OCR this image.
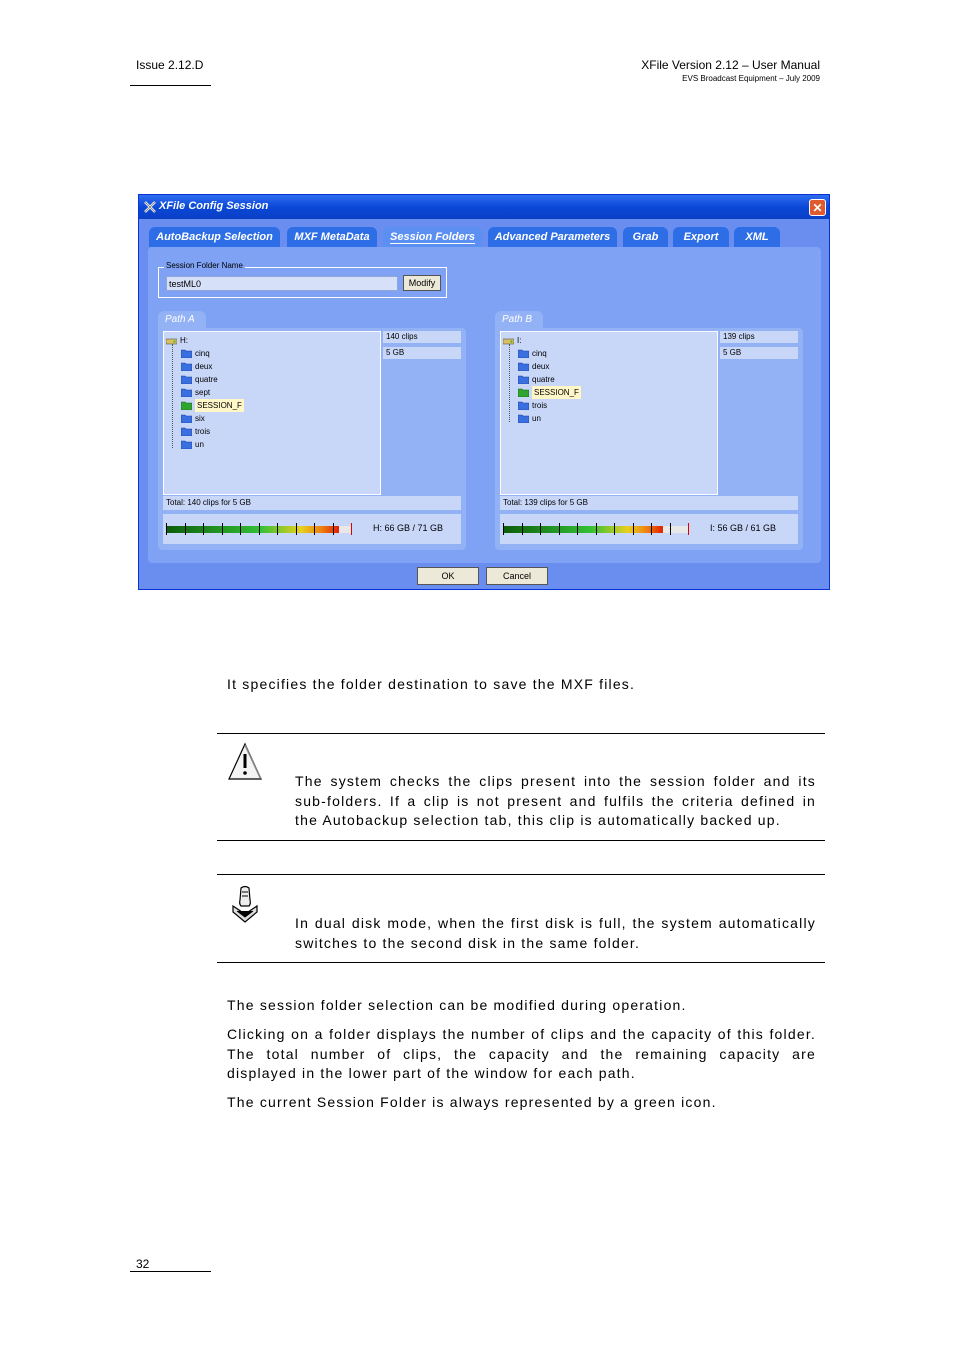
Issue 2.12.D	XFile Version 2.12 – User Manual
EVS Broadcast Equipment – July 2009
XFile Config Session	✕
AutoBackup Selection	MXF MetaData	Session Folders	Advanced Parameters	Grab	Export	XML
Session Folder Name
testML0	Modify
Path A
H:
cinq
deux
quatre
sept
SESSION_F
six
trois
un
140 clips
5 GB
Total: 140 clips for 5 GB
H: 66 GB / 71 GB
Path B
I:
cinq
deux
quatre
SESSION_F
trois
un
139 clips
5 GB
Total: 139 clips for 5 GB
I: 56 GB / 61 GB
OK	Cancel
It specifies the folder destination to save the MXF files.
The system checks the clips present into the session folder and its sub-folders. If a clip is not present and fulfils the criteria defined in the Autobackup selection tab, this clip is automatically backed up.
In dual disk mode, when the first disk is full, the system automatically switches to the second disk in the same folder.
The session folder selection can be modified during operation.
Clicking on a folder displays the number of clips and the capacity of this folder. The total number of clips, the capacity and the remaining capacity are displayed in the lower part of the window for each path.
The current Session Folder is always represented by a green icon.
32
